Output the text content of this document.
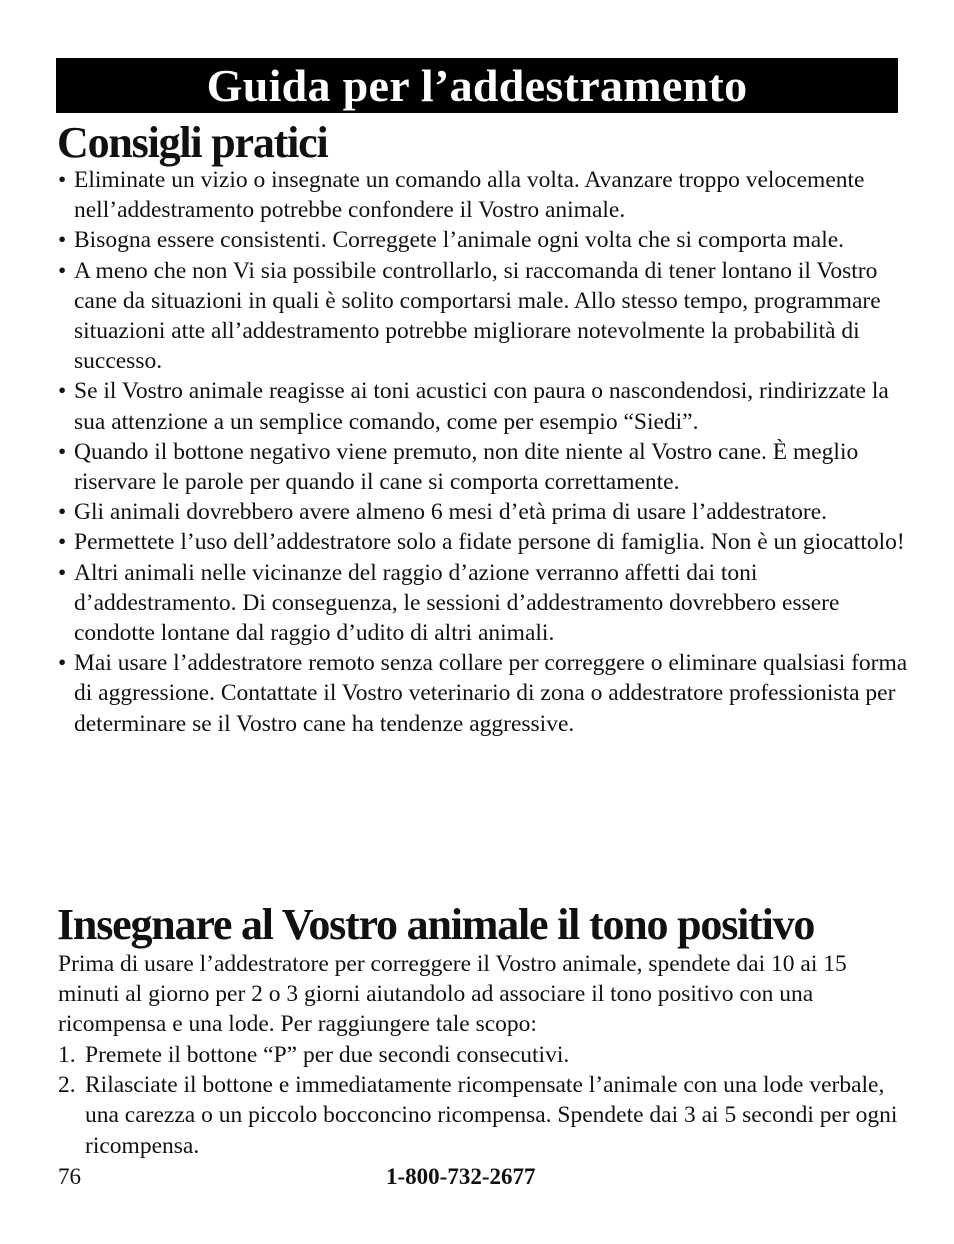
Guida per l’addestramento
Consigli pratici
• Eliminate un vizio o insegnate un comando alla volta. Avanzare troppo velocemente nell’addestramento potrebbe confondere il Vostro animale.
• Bisogna essere consistenti. Correggete l’animale ogni volta che si comporta male.
• A meno che non Vi sia possibile controllarlo, si raccomanda di tener lontano il Vostro cane da situazioni in quali è solito comportarsi male. Allo stesso tempo, programmare situazioni atte all’addestramento potrebbe migliorare notevolmente la probabilità di successo.
• Se il Vostro animale reagisse ai toni acustici con paura o nascondendosi, rindirizzate la sua attenzione a un semplice comando, come per esempio “Siedi”.
• Quando il bottone negativo viene premuto, non dite niente al Vostro cane. È meglio riservare le parole per quando il cane si comporta correttamente.
• Gli animali dovrebbero avere almeno 6 mesi d’età prima di usare l’addestratore.
• Permettete l’uso dell’addestratore solo a fidate persone di famiglia. Non è un giocattolo!
• Altri animali nelle vicinanze del raggio d’azione verranno affetti dai toni d’addestramento. Di conseguenza, le sessioni d’addestramento dovrebbero essere condotte lontane dal raggio d’udito di altri animali.
• Mai usare l’addestratore remoto senza collare per correggere o eliminare qualsiasi forma di aggressione. Contattate il Vostro veterinario di zona o addestratore professionista per determinare se il Vostro cane ha tendenze aggressive.
Insegnare al Vostro animale il tono positivo

Prima di usare l’addestratore per correggere il Vostro animale, spendete dai 10 ai 15 minuti al giorno per 2 o 3 giorni aiutandolo ad associare il tono positivo con una ricompensa e una lode. Per raggiungere tale scopo:

1. Premete il bottone “P” per due secondi consecutivi.
2. Rilasciate il bottone e immediatamente ricompensate l’animale con una lode verbale, una carezza o un piccolo bocconcino ricompensa. Spendete dai 3 ai 5 secondi per ogni ricompensa.
76	1-800-732-2677
